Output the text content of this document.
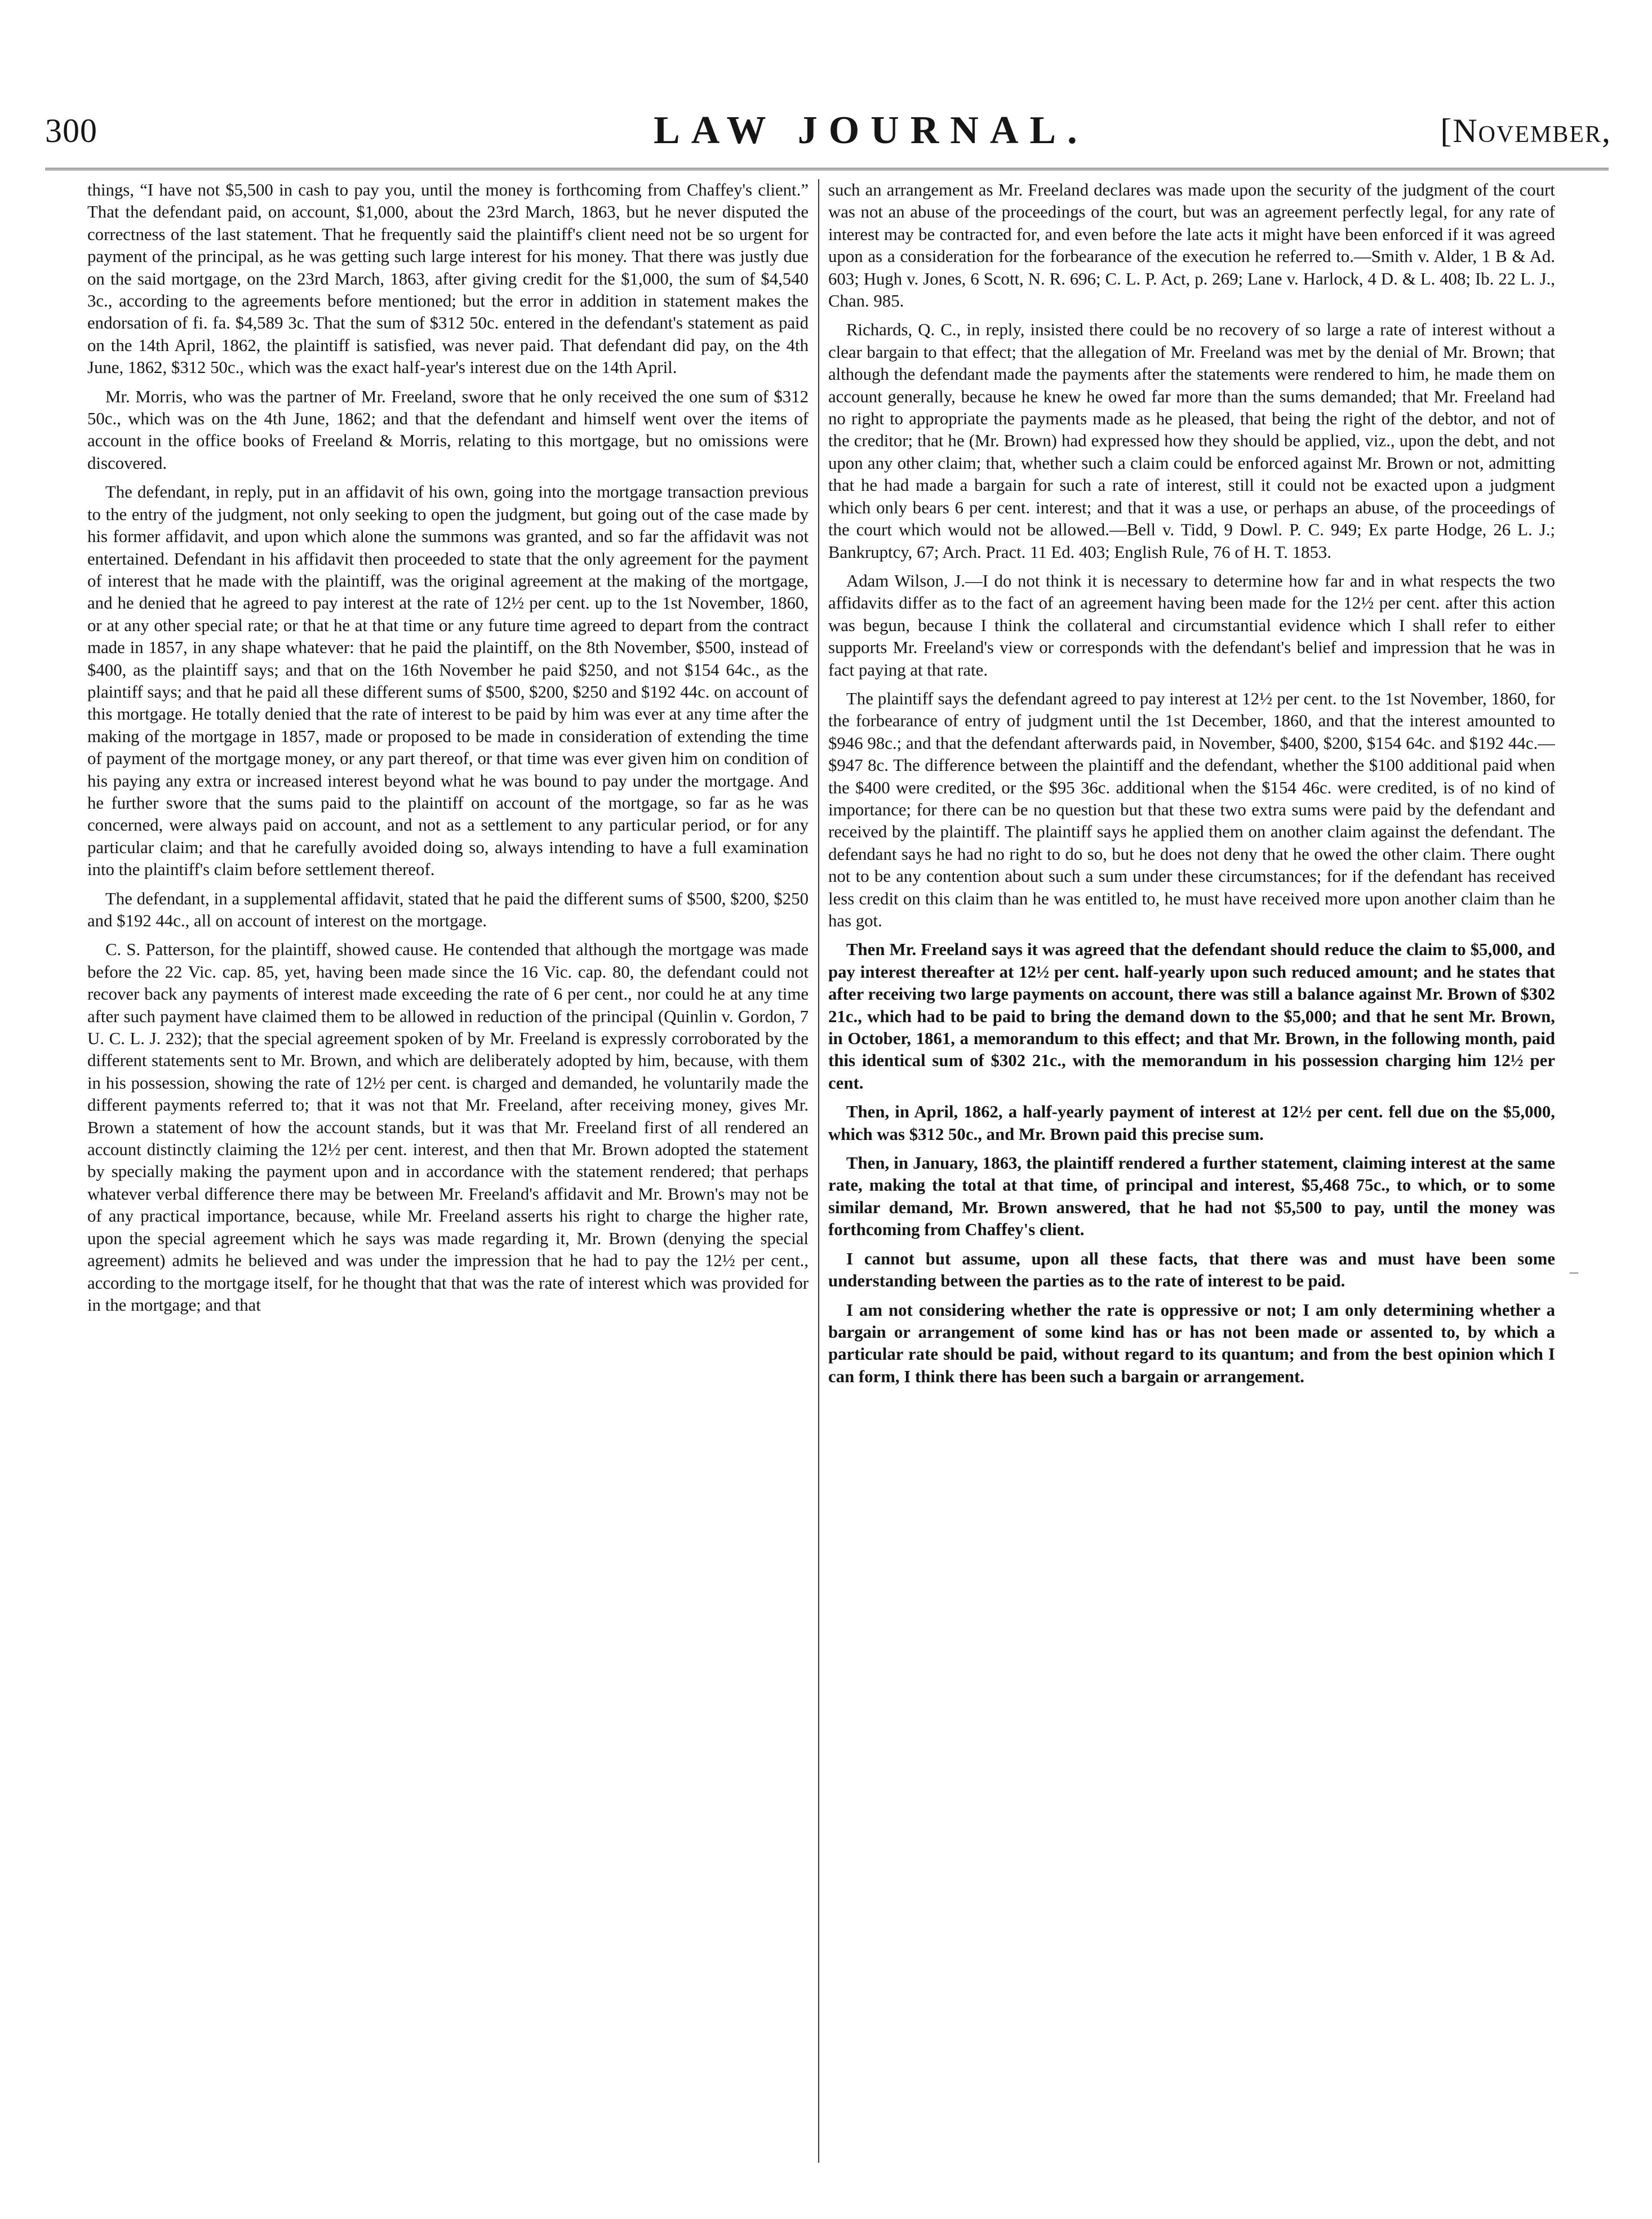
300	LAW JOURNAL.	[November,

things, “I have not $5,500 in cash to pay you, until the money is forthcoming from Chaffey's client.” That the defendant paid, on account, $1,000, about the 23rd March, 1863, but he never disputed the correctness of the last statement. That he frequently said the plaintiff's client need not be so urgent for payment of the principal, as he was getting such large interest for his money. That there was justly due on the said mortgage, on the 23rd March, 1863, after giving credit for the $1,000, the sum of $4,540 3c., according to the agreements before mentioned; but the error in addition in statement makes the endorsation of fi. fa. $4,589 3c. That the sum of $312 50c. entered in the defendant's statement as paid on the 14th April, 1862, the plaintiff is satisfied, was never paid. That defendant did pay, on the 4th June, 1862, $312 50c., which was the exact half-year's interest due on the 14th April.

Mr. Morris, who was the partner of Mr. Freeland, swore that he only received the one sum of $312 50c., which was on the 4th June, 1862; and that the defendant and himself went over the items of account in the office books of Freeland & Morris, relating to this mortgage, but no omissions were discovered.

The defendant, in reply, put in an affidavit of his own, going into the mortgage transaction previous to the entry of the judgment, not only seeking to open the judgment, but going out of the case made by his former affidavit, and upon which alone the summons was granted, and so far the affidavit was not entertained. Defendant in his affidavit then proceeded to state that the only agreement for the payment of interest that he made with the plaintiff, was the original agreement at the making of the mortgage, and he denied that he agreed to pay interest at the rate of 12½ per cent. up to the 1st November, 1860, or at any other special rate; or that he at that time or any future time agreed to depart from the contract made in 1857, in any shape whatever: that he paid the plaintiff, on the 8th November, $500, instead of $400, as the plaintiff says; and that on the 16th November he paid $250, and not $154 64c., as the plaintiff says; and that he paid all these different sums of $500, $200, $250 and $192 44c. on account of this mortgage. He totally denied that the rate of interest to be paid by him was ever at any time after the making of the mortgage in 1857, made or proposed to be made in consideration of extending the time of payment of the mortgage money, or any part thereof, or that time was ever given him on condition of his paying any extra or increased interest beyond what he was bound to pay under the mortgage. And he further swore that the sums paid to the plaintiff on account of the mortgage, so far as he was concerned, were always paid on account, and not as a settlement to any particular period, or for any particular claim; and that he carefully avoided doing so, always intending to have a full examination into the plaintiff's claim before settlement thereof.

The defendant, in a supplemental affidavit, stated that he paid the different sums of $500, $200, $250 and $192 44c., all on account of interest on the mortgage.

C. S. Patterson, for the plaintiff, showed cause. He contended that although the mortgage was made before the 22 Vic. cap. 85, yet, having been made since the 16 Vic. cap. 80, the defendant could not recover back any payments of interest made exceeding the rate of 6 per cent., nor could he at any time after such payment have claimed them to be allowed in reduction of the principal (Quinlin v. Gordon, 7 U. C. L. J. 232); that the special agreement spoken of by Mr. Freeland is expressly corroborated by the different statements sent to Mr. Brown, and which are deliberately adopted by him, because, with them in his possession, showing the rate of 12½ per cent. is charged and demanded, he voluntarily made the different payments referred to; that it was not that Mr. Freeland, after receiving money, gives Mr. Brown a statement of how the account stands, but it was that Mr. Freeland first of all rendered an account distinctly claiming the 12½ per cent. interest, and then that Mr. Brown adopted the statement by specially making the payment upon and in accordance with the statement rendered; that perhaps whatever verbal difference there may be between Mr. Freeland's affidavit and Mr. Brown's may not be of any practical importance, because, while Mr. Freeland asserts his right to charge the higher rate, upon the special agreement which he says was made regarding it, Mr. Brown (denying the special agreement) admits he believed and was under the impression that he had to pay the 12½ per cent., according to the mortgage itself, for he thought that that was the rate of interest which was provided for in the mortgage; and that

such an arrangement as Mr. Freeland declares was made upon the security of the judgment of the court was not an abuse of the proceedings of the court, but was an agreement perfectly legal, for any rate of interest may be contracted for, and even before the late acts it might have been enforced if it was agreed upon as a consideration for the forbearance of the execution he referred to.—Smith v. Alder, 1 B & Ad. 603; Hugh v. Jones, 6 Scott, N. R. 696; C. L. P. Act, p. 269; Lane v. Harlock, 4 D. & L. 408; Ib. 22 L. J., Chan. 985.

Richards, Q. C., in reply, insisted there could be no recovery of so large a rate of interest without a clear bargain to that effect; that the allegation of Mr. Freeland was met by the denial of Mr. Brown; that although the defendant made the payments after the statements were rendered to him, he made them on account generally, because he knew he owed far more than the sums demanded; that Mr. Freeland had no right to appropriate the payments made as he pleased, that being the right of the debtor, and not of the creditor; that he (Mr. Brown) had expressed how they should be applied, viz., upon the debt, and not upon any other claim; that, whether such a claim could be enforced against Mr. Brown or not, admitting that he had made a bargain for such a rate of interest, still it could not be exacted upon a judgment which only bears 6 per cent. interest; and that it was a use, or perhaps an abuse, of the proceedings of the court which would not be allowed.—Bell v. Tidd, 9 Dowl. P. C. 949; Ex parte Hodge, 26 L. J.; Bankruptcy, 67; Arch. Pract. 11 Ed. 403; English Rule, 76 of H. T. 1853.

Adam Wilson, J.—I do not think it is necessary to determine how far and in what respects the two affidavits differ as to the fact of an agreement having been made for the 12½ per cent. after this action was begun, because I think the collateral and circumstantial evidence which I shall refer to either supports Mr. Freeland's view or corresponds with the defendant's belief and impression that he was in fact paying at that rate.

The plaintiff says the defendant agreed to pay interest at 12½ per cent. to the 1st November, 1860, for the forbearance of entry of judgment until the 1st December, 1860, and that the interest amounted to $946 98c.; and that the defendant afterwards paid, in November, $400, $200, $154 64c. and $192 44c.—$947 8c. The difference between the plaintiff and the defendant, whether the $100 additional paid when the $400 were credited, or the $95 36c. additional when the $154 46c. were credited, is of no kind of importance; for there can be no question but that these two extra sums were paid by the defendant and received by the plaintiff. The plaintiff says he applied them on another claim against the defendant. The defendant says he had no right to do so, but he does not deny that he owed the other claim. There ought not to be any contention about such a sum under these circumstances; for if the defendant has received less credit on this claim than he was entitled to, he must have received more upon another claim than he has got.

Then Mr. Freeland says it was agreed that the defendant should reduce the claim to $5,000, and pay interest thereafter at 12½ per cent. half-yearly upon such reduced amount; and he states that after receiving two large payments on account, there was still a balance against Mr. Brown of $302 21c., which had to be paid to bring the demand down to the $5,000; and that he sent Mr. Brown, in October, 1861, a memorandum to this effect; and that Mr. Brown, in the following month, paid this identical sum of $302 21c., with the memorandum in his possession charging him 12½ per cent.

Then, in April, 1862, a half-yearly payment of interest at 12½ per cent. fell due on the $5,000, which was $312 50c., and Mr. Brown paid this precise sum.

Then, in January, 1863, the plaintiff rendered a further statement, claiming interest at the same rate, making the total at that time, of principal and interest, $5,468 75c., to which, or to some similar demand, Mr. Brown answered, that he had not $5,500 to pay, until the money was forthcoming from Chaffey's client.

I cannot but assume, upon all these facts, that there was and must have been some understanding between the parties as to the rate of interest to be paid.

I am not considering whether the rate is oppressive or not; I am only determining whether a bargain or arrangement of some kind has or has not been made or assented to, by which a particular rate should be paid, without regard to its quantum; and from the best opinion which I can form, I think there has been such a bargain or arrangement.

–
